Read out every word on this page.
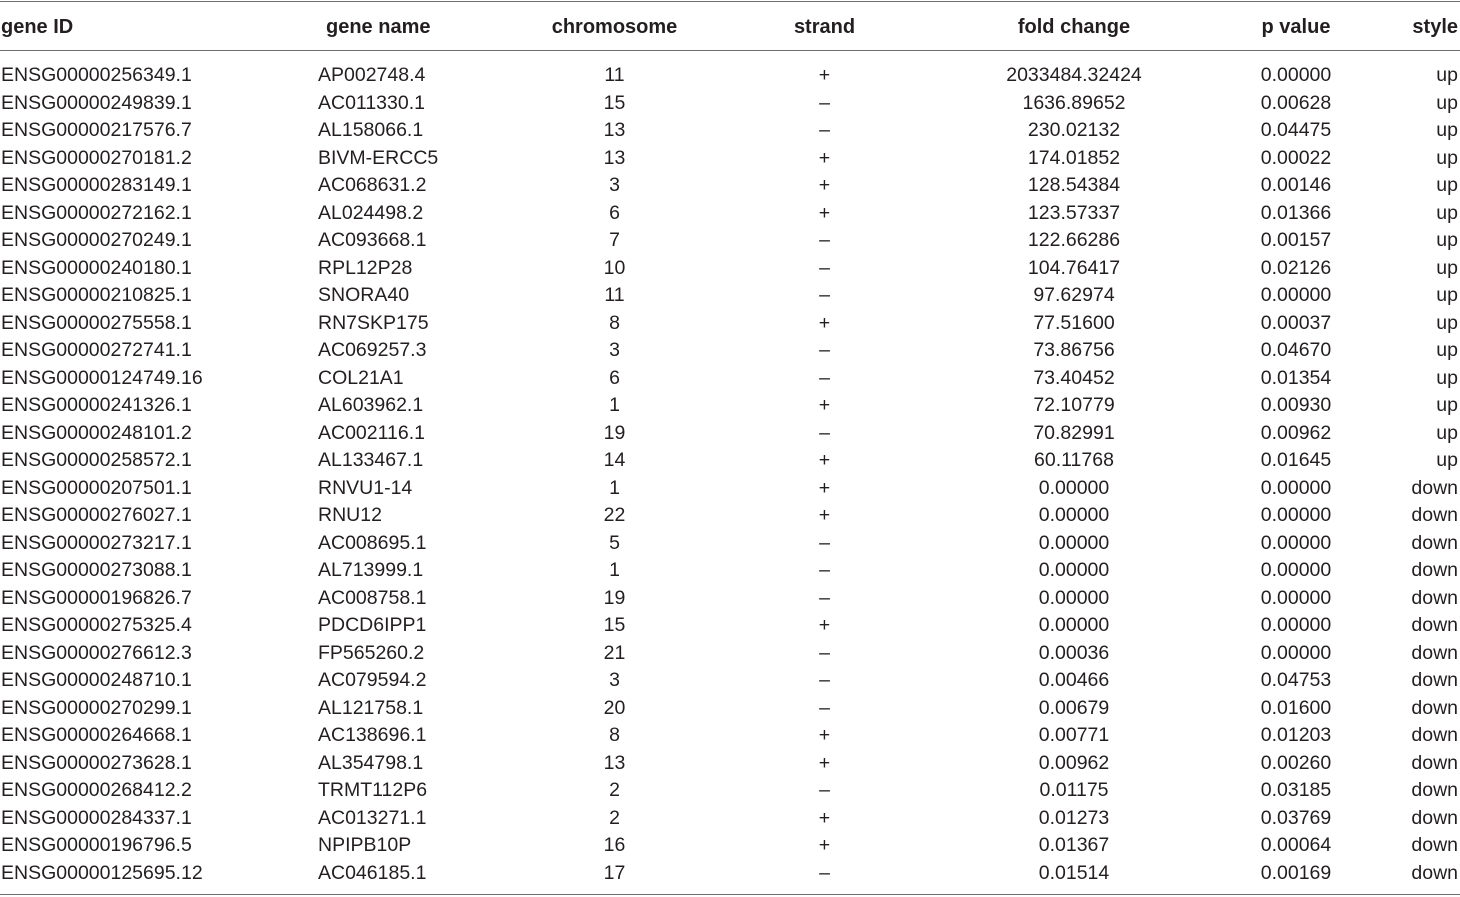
gene ID	gene name	chromosome	strand	fold change	p value	style
ENSG00000256349.1	AP002748.4	11	+	2033484.32424	0.00000	up
ENSG00000249839.1	AC011330.1	15	–	1636.89652	0.00628	up
ENSG00000217576.7	AL158066.1	13	–	230.02132	0.04475	up
ENSG00000270181.2	BIVM-ERCC5	13	+	174.01852	0.00022	up
ENSG00000283149.1	AC068631.2	3	+	128.54384	0.00146	up
ENSG00000272162.1	AL024498.2	6	+	123.57337	0.01366	up
ENSG00000270249.1	AC093668.1	7	–	122.66286	0.00157	up
ENSG00000240180.1	RPL12P28	10	–	104.76417	0.02126	up
ENSG00000210825.1	SNORA40	11	–	97.62974	0.00000	up
ENSG00000275558.1	RN7SKP175	8	+	77.51600	0.00037	up
ENSG00000272741.1	AC069257.3	3	–	73.86756	0.04670	up
ENSG00000124749.16	COL21A1	6	–	73.40452	0.01354	up
ENSG00000241326.1	AL603962.1	1	+	72.10779	0.00930	up
ENSG00000248101.2	AC002116.1	19	–	70.82991	0.00962	up
ENSG00000258572.1	AL133467.1	14	+	60.11768	0.01645	up
ENSG00000207501.1	RNVU1-14	1	+	0.00000	0.00000	down
ENSG00000276027.1	RNU12	22	+	0.00000	0.00000	down
ENSG00000273217.1	AC008695.1	5	–	0.00000	0.00000	down
ENSG00000273088.1	AL713999.1	1	–	0.00000	0.00000	down
ENSG00000196826.7	AC008758.1	19	–	0.00000	0.00000	down
ENSG00000275325.4	PDCD6IPP1	15	+	0.00000	0.00000	down
ENSG00000276612.3	FP565260.2	21	–	0.00036	0.00000	down
ENSG00000248710.1	AC079594.2	3	–	0.00466	0.04753	down
ENSG00000270299.1	AL121758.1	20	–	0.00679	0.01600	down
ENSG00000264668.1	AC138696.1	8	+	0.00771	0.01203	down
ENSG00000273628.1	AL354798.1	13	+	0.00962	0.00260	down
ENSG00000268412.2	TRMT112P6	2	–	0.01175	0.03185	down
ENSG00000284337.1	AC013271.1	2	+	0.01273	0.03769	down
ENSG00000196796.5	NPIPB10P	16	+	0.01367	0.00064	down
ENSG00000125695.12	AC046185.1	17	–	0.01514	0.00169	down
